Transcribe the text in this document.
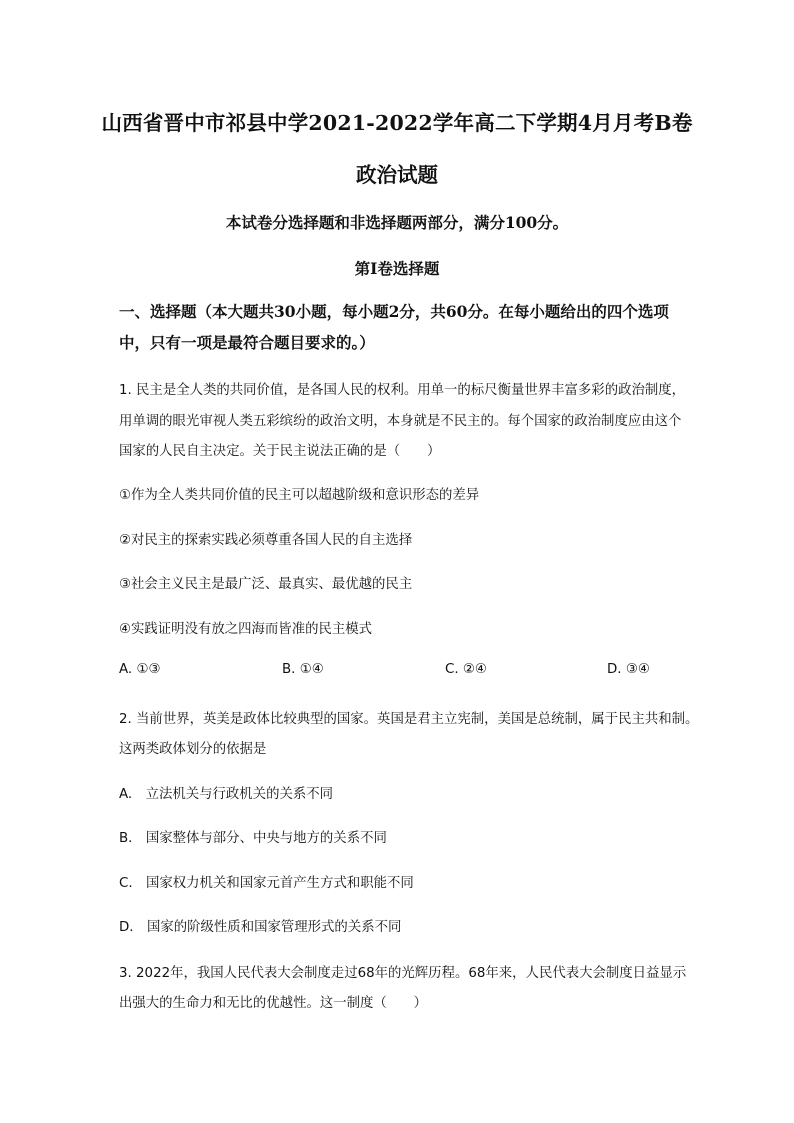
山西省晋中市祁县中学2021-2022学年高二下学期4月月考B卷
政治试题
本试卷分选择题和非选择题两部分，满分100分。
第Ⅰ卷选择题
一、选择题（本大题共30小题，每小题2分，共60分。在每小题给出的四个选项
中，只有一项是最符合题目要求的。）
1. 民主是全人类的共同价值，是各国人民的权利。用单一的标尺衡量世界丰富多彩的政治制度，
用单调的眼光审视人类五彩缤纷的政治文明，本身就是不民主的。每个国家的政治制度应由这个
国家的人民自主决定。关于民主说法正确的是（　　）
①作为全人类共同价值的民主可以超越阶级和意识形态的差异
②对民主的探索实践必须尊重各国人民的自主选择
③社会主义民主是最广泛、最真实、最优越的民主
④实践证明没有放之四海而皆准的民主模式
A. ①③	B. ①④	C. ②④	D. ③④
2. 当前世界，英美是政体比较典型的国家。英国是君主立宪制，美国是总统制，属于民主共和制。
这两类政体划分的依据是
A.　立法机关与行政机关的关系不同
B.　国家整体与部分、中央与地方的关系不同
C.　国家权力机关和国家元首产生方式和职能不同
D.　国家的阶级性质和国家管理形式的关系不同
3. 2022年，我国人民代表大会制度走过68年的光辉历程。68年来，人民代表大会制度日益显示
出强大的生命力和无比的优越性。这一制度（　　）
